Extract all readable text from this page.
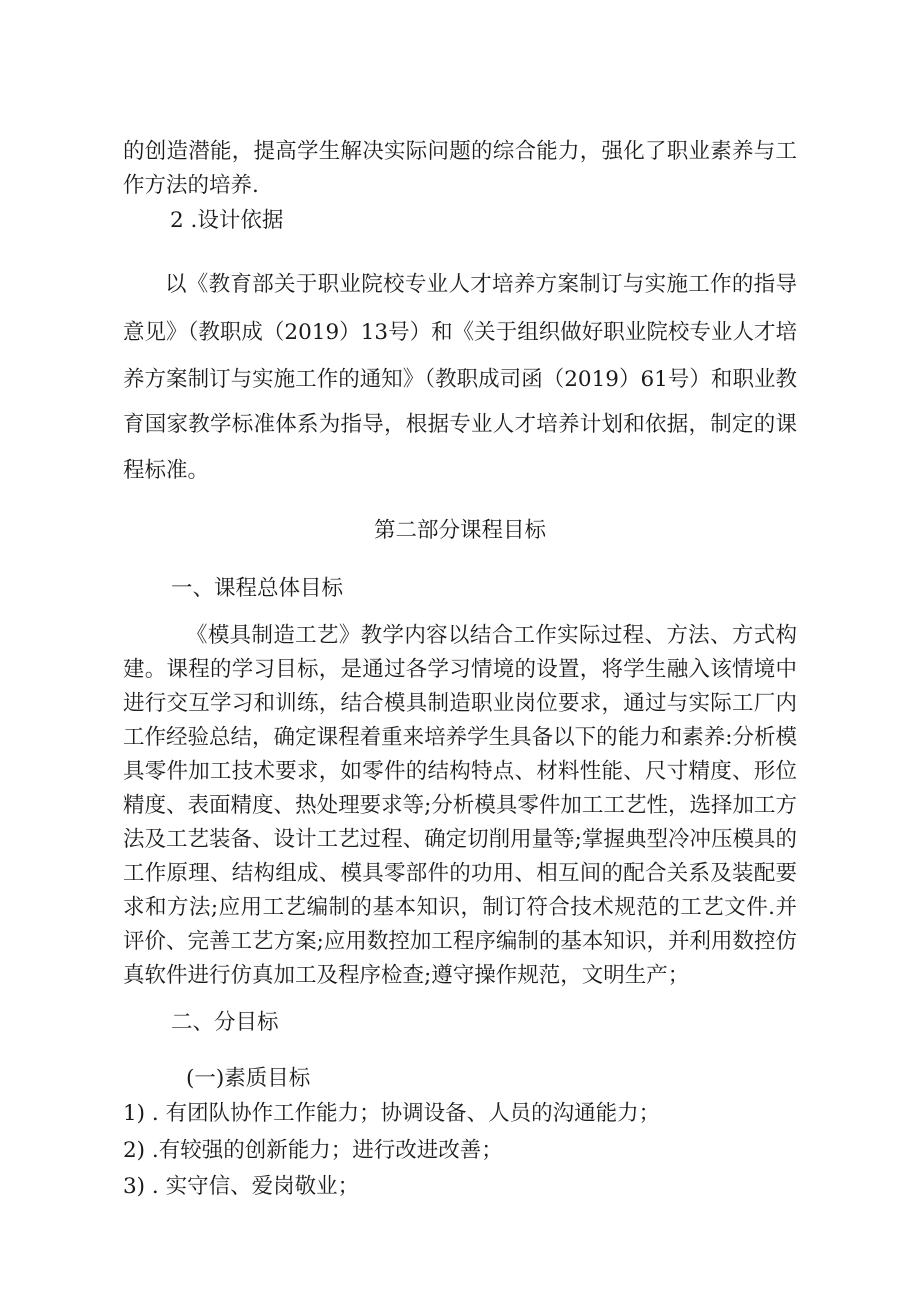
的创造潜能，提高学生解决实际问题的综合能力，强化了职业素养与工
作方法的培养.
2 .设计依据
以《教育部关于职业院校专业人才培养方案制订与实施工作的指导
意见》（教职成（2019）13号）和《关于组织做好职业院校专业人才培
养方案制订与实施工作的通知》（教职成司函（2019）61号）和职业教
育国家教学标准体系为指导，根据专业人才培养计划和依据，制定的课
程标准。
第二部分课程目标
一、课程总体目标
《模具制造工艺》教学内容以结合工作实际过程、方法、方式构
建。课程的学习目标，是通过各学习情境的设置，将学生融入该情境中
进行交互学习和训练，结合模具制造职业岗位要求，通过与实际工厂内
工作经验总结，确定课程着重来培养学生具备以下的能力和素养:分析模
具零件加工技术要求，如零件的结构特点、材料性能、尺寸精度、形位
精度、表面精度、热处理要求等;分析模具零件加工工艺性，选择加工方
法及工艺装备、设计工艺过程、确定切削用量等;掌握典型冷冲压模具的
工作原理、结构组成、模具零部件的功用、相互间的配合关系及装配要
求和方法;应用工艺编制的基本知识，制订符合技术规范的工艺文件.并
评价、完善工艺方案;应用数控加工程序编制的基本知识，并利用数控仿
真软件进行仿真加工及程序检查;遵守操作规范，文明生产；
二、分目标
(一)素质目标
1) . 有团队协作工作能力；协调设备、人员的沟通能力；
2) .有较强的创新能力；进行改进改善；
3) . 实守信、爱岗敬业；
